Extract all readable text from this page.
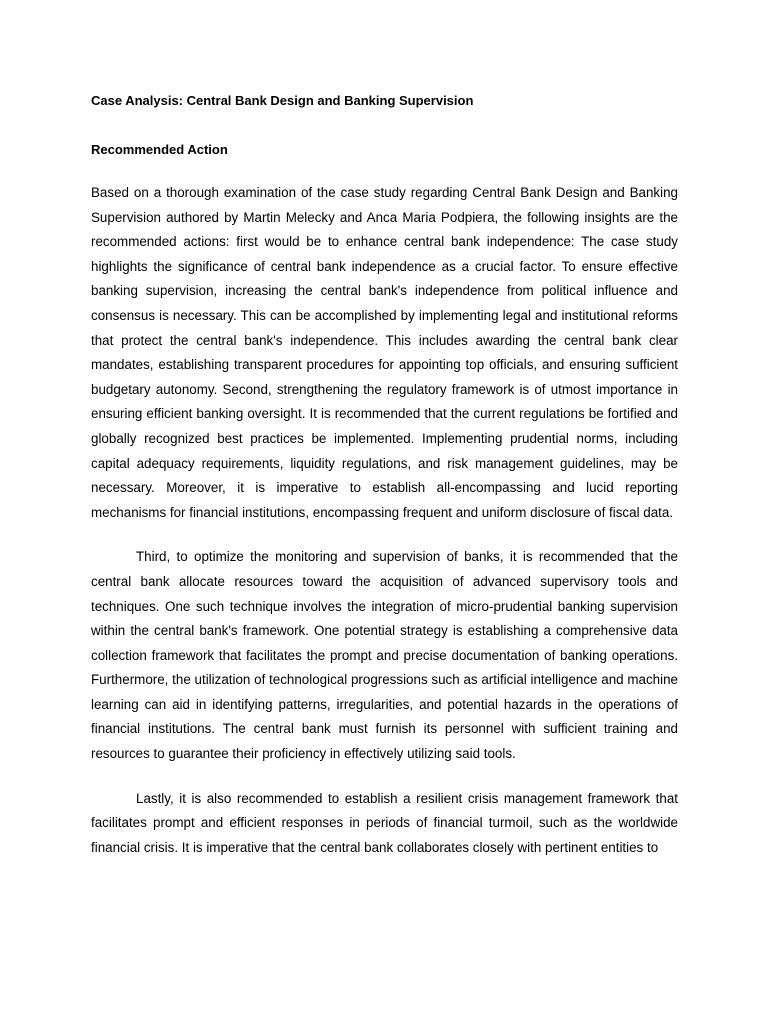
Case Analysis: Central Bank Design and Banking Supervision
Recommended Action

Based on a thorough examination of the case study regarding Central Bank Design and Banking Supervision authored by Martin Melecky and Anca Maria Podpiera, the following insights are the recommended actions: first would be to enhance central bank independence: The case study highlights the significance of central bank independence as a crucial factor. To ensure effective banking supervision, increasing the central bank's independence from political influence and consensus is necessary. This can be accomplished by implementing legal and institutional reforms that protect the central bank's independence. This includes awarding the central bank clear mandates, establishing transparent procedures for appointing top officials, and ensuring sufficient budgetary autonomy. Second, strengthening the regulatory framework is of utmost importance in ensuring efficient banking oversight. It is recommended that the current regulations be fortified and globally recognized best practices be implemented. Implementing prudential norms, including capital adequacy requirements, liquidity regulations, and risk management guidelines, may be necessary. Moreover, it is imperative to establish all-encompassing and lucid reporting mechanisms for financial institutions, encompassing frequent and uniform disclosure of fiscal data.

Third, to optimize the monitoring and supervision of banks, it is recommended that the central bank allocate resources toward the acquisition of advanced supervisory tools and techniques. One such technique involves the integration of micro-prudential banking supervision within the central bank's framework. One potential strategy is establishing a comprehensive data collection framework that facilitates the prompt and precise documentation of banking operations. Furthermore, the utilization of technological progressions such as artificial intelligence and machine learning can aid in identifying patterns, irregularities, and potential hazards in the operations of financial institutions. The central bank must furnish its personnel with sufficient training and resources to guarantee their proficiency in effectively utilizing said tools.

Lastly, it is also recommended to establish a resilient crisis management framework that facilitates prompt and efficient responses in periods of financial turmoil, such as the worldwide financial crisis. It is imperative that the central bank collaborates closely with pertinent entities to
